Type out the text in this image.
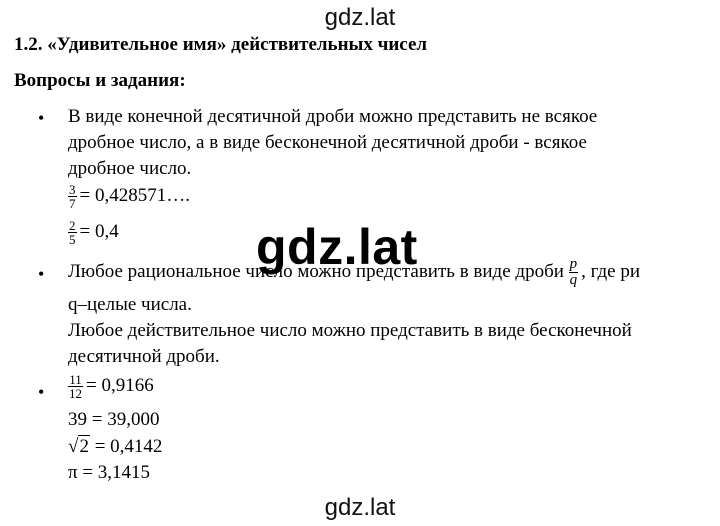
gdz.lat
1.2. «Удивительное имя» действительных чисел
Вопросы и задания:
• В виде конечной десятичной дроби можно представить не всякое
дробное число, а в виде бесконечной десятичной дроби - всякое
дробное число.
$\frac{3}{7}$ = 0,428571….
$\frac{2}{5} = 0,4$
• Любое рациональное число можно представить в виде дроби $\frac{p}{q}$ , где pи
q–целые числа.
Любое действительное число можно представить в виде бесконечной
десятичной дроби.
• $\frac{11}{12} = 0,9166$
39 = 39,000
√2 = 0,4142
π = 3,1415
gdz.lat
gdz.lat
